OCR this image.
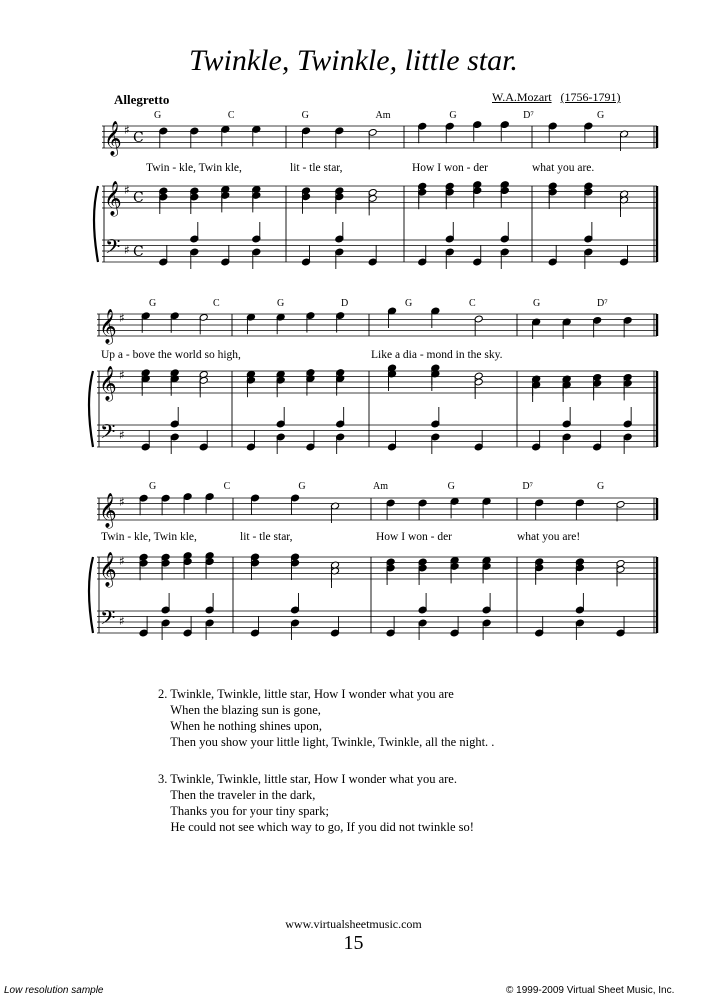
Twinkle, Twinkle, little star.
Allegretto	W.A.Mozart (1756-1791)
𝄞
𝄞
𝄢
♯
♯
♯
C
C
C
G	C	G	Am	G	D⁷	G
Twin - kle, Twin kle,	lit - tle star,	How I won - der	what you are.
𝄞
𝄞
𝄢
♯
♯
♯
G	C	G	D	G	C	G	D⁷
Up a - bove the world so high,	Like a dia - mond in the sky.
𝄞
𝄞
𝄢
♯
♯
♯
G	C	G	Am	G	D⁷	G
Twin - kle, Twin kle,	lit - tle star,	How I won - der	what you are!
2. Twinkle, Twinkle, little star, How I wonder what you are
When the blazing sun is gone,
When he nothing shines upon,
Then you show your little light, Twinkle, Twinkle, all the night. .
3. Twinkle, Twinkle, little star, How I wonder what you are.
Then the traveler in the dark,
Thanks you for your tiny spark;
He could not see which way to go, If you did not twinkle so!
www.virtualsheetmusic.com
15
Low resolution sample	© 1999-2009 Virtual Sheet Music, Inc.
